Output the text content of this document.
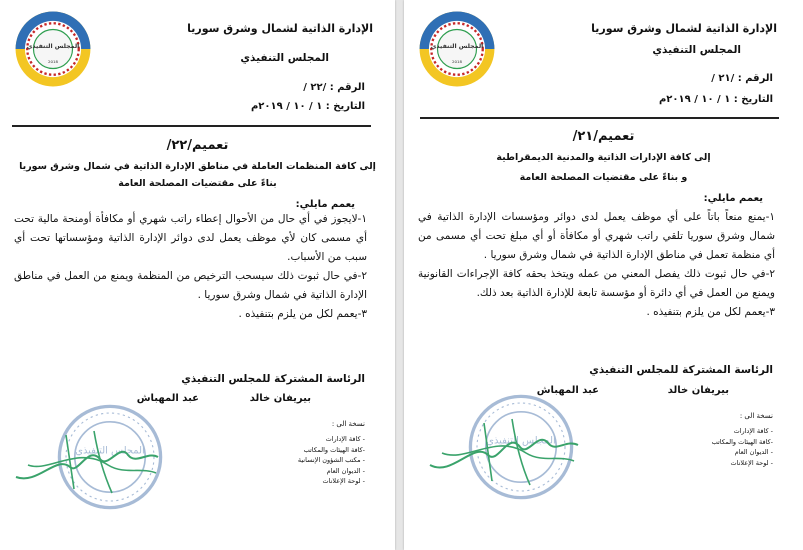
المجلس التنفيذي
2018
الإدارة الذاتية لشمال وشرق سوريا
المجلس التنفيذي
الرقم : /٢٢ /
التاريخ : ١ / ١٠ / ٢٠١٩م
تعميم/٢٢/
إلى كافة المنظمات العاملة في مناطق الإدارة الذاتية في شمال وشرق سوريا
بناءً على مقتضيات المصلحة العامة
يعمم مايلي:

١-لايجوز في أي حال من الأحوال إعطاء راتب شهري أو مكافأة أومنحة مالية تحت أي مسمى كان لأي موظف يعمل لدى دوائر الإدارة الذاتية ومؤسساتها تحت أي سبب من الأسباب.

٢-في حال ثبوت ذلك سيسحب الترخيص من المنظمة ويمنع من العمل في مناطق الإدارة الذاتية في شمال وشرق سوريا .

٣-يعمم لكل من يلزم بتنفيذه .

الرئاسة المشتركة للمجلس التنفيذي
بيريفان خالد
عبد المهباش
المجلس التنفيذي
نسخة الى :
- كافة الإدارات
-كافة الهيئات والمكاتب
- مكتب الشؤون الإنسانية
- الديوان العام
- لوحة الإعلانات
المجلس التنفيذي
2018
الإدارة الذاتية لشمال وشرق سوريا
المجلس التنفيذي
الرقم : /٢١ /
التاريخ : ١ / ١٠ / ٢٠١٩م
تعميم/٢١/
إلى كافة الإدارات الذاتية والمدنية الديمقراطية
و بناءً على مقتضيات المصلحة العامة
يعمم مايلي:

١-يمنع منعاً باتاً على أي موظف يعمل لدى دوائر ومؤسسات الإدارة الذاتية في شمال وشرق سوريا تلقي راتب شهري أو مكافأة أو أي مبلغ تحت أي مسمى من أي منظمة تعمل في مناطق الإدارة الذاتية في شمال وشرق سوريا .

٢-في حال ثبوت ذلك يفصل المعني من عمله ويتخذ بحقه كافة الإجراءات القانونية ويمنع من العمل في أي دائرة أو مؤسسة تابعة للإدارة الذاتية بعد ذلك.

٣-يعمم لكل من يلزم بتنفيذه .

الرئاسة المشتركة للمجلس التنفيذي
بيريفان خالد
عبد المهباش
المجلس التنفيذي
نسخة الى :
- كافة الإدارات
-كافة الهيئات والمكاتب
- الديوان العام
- لوحة الإعلانات
